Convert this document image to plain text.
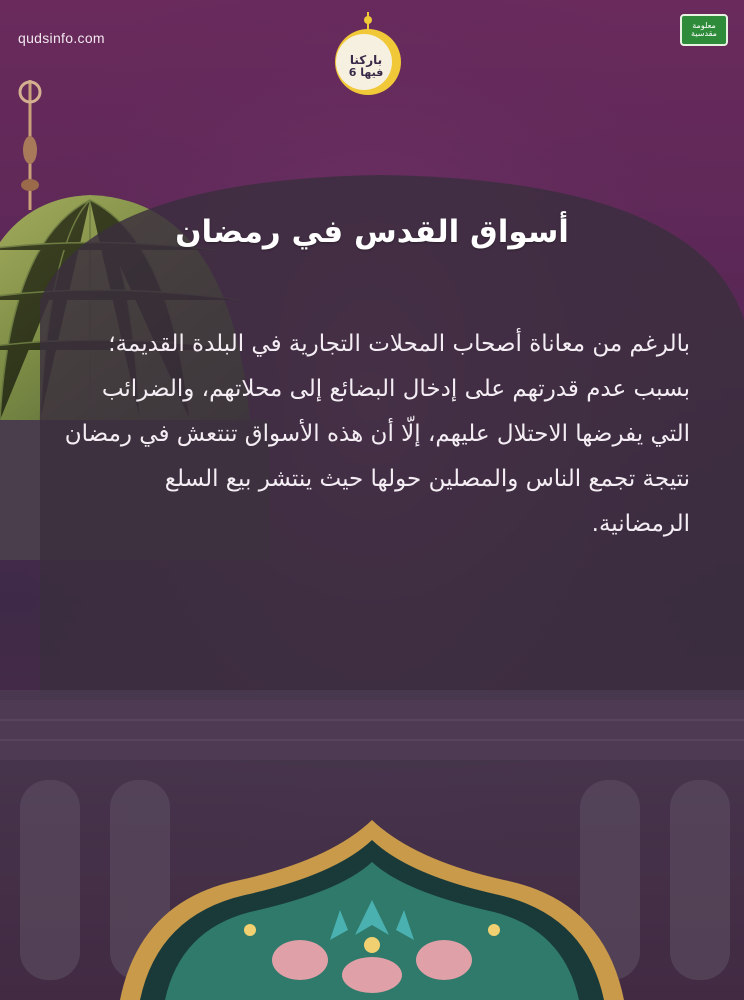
qudsinfo.com
معلومة مقدسية
باركنا
فيها 6
أسواق القدس في رمضان

بالرغم من معاناة أصحاب المحلات التجارية في البلدة القديمة؛ بسبب عدم قدرتهم على إدخال البضائع إلى محلاتهم، والضرائب التي يفرضها الاحتلال عليهم، إلّا أن هذه الأسواق تنتعش في رمضان نتيجة تجمع الناس والمصلين حولها حيث ينتشر بيع السلع الرمضانية.
